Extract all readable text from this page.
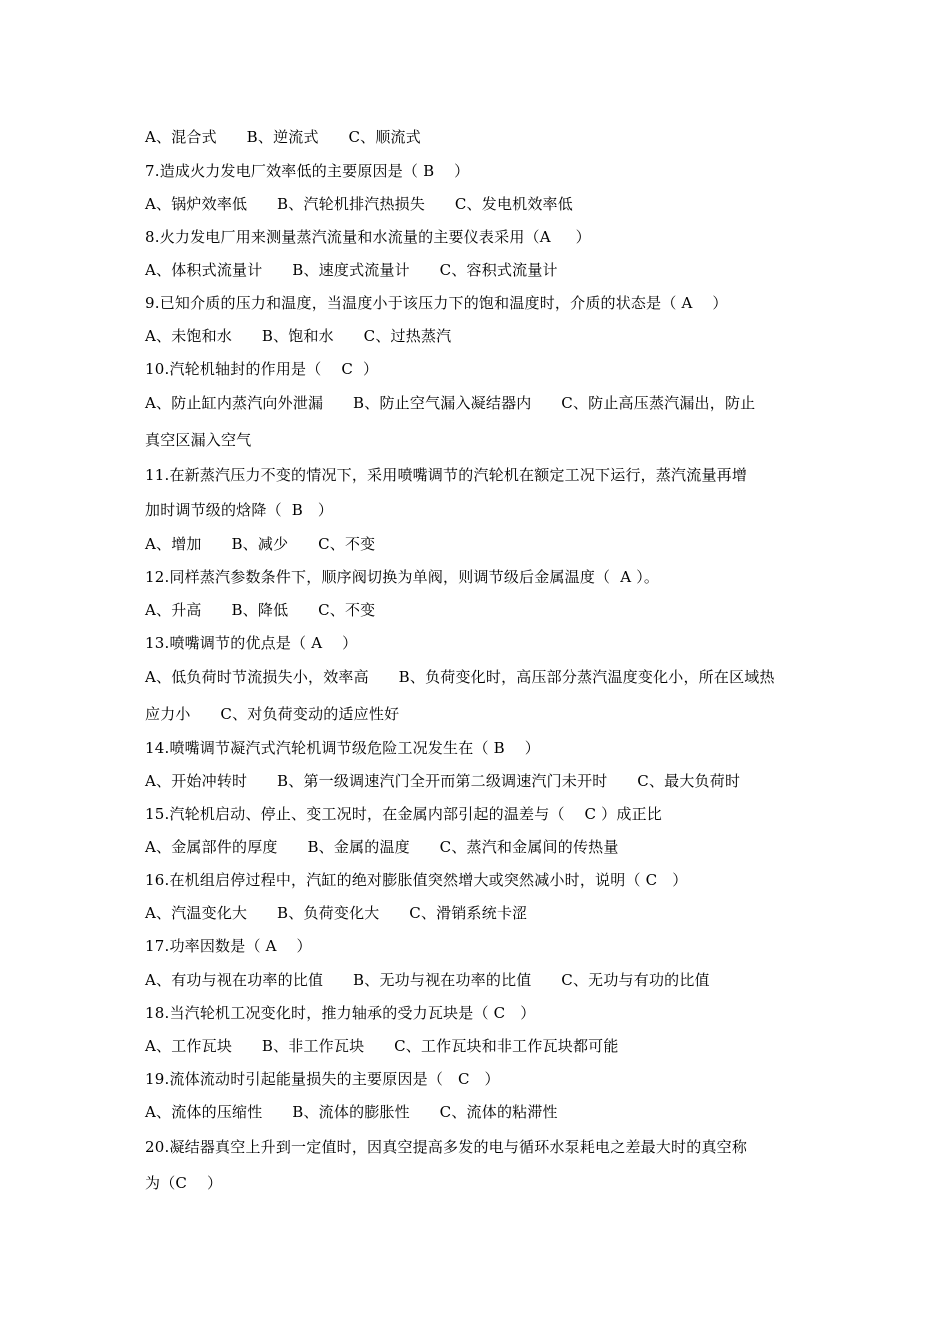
A、混合式      B、逆流式      C、顺流式

7.造成火力发电厂效率低的主要原因是（ B    ）

A、锅炉效率低      B、汽轮机排汽热损失      C、发电机效率低

8.火力发电厂用来测量蒸汽流量和水流量的主要仪表采用（A     ）

A、体积式流量计      B、速度式流量计      C、容积式流量计

9.已知介质的压力和温度，当温度小于该压力下的饱和温度时，介质的状态是（ A    ）

A、未饱和水      B、饱和水      C、过热蒸汽

10.汽轮机轴封的作用是（    C  ）

A、防止缸内蒸汽向外泄漏      B、防止空气漏入凝结器内      C、防止高压蒸汽漏出，防止

真空区漏入空气

11.在新蒸汽压力不变的情况下，采用喷嘴调节的汽轮机在额定工况下运行，蒸汽流量再增

加时调节级的焓降（  B   ）

A、增加      B、减少      C、不变

12.同样蒸汽参数条件下，顺序阀切换为单阀，则调节级后金属温度（  A ）。

A、升高      B、降低      C、不变

13.喷嘴调节的优点是（ A    ）

A、低负荷时节流损失小，效率高      B、负荷变化时，高压部分蒸汽温度变化小，所在区域热

应力小      C、对负荷变动的适应性好

14.喷嘴调节凝汽式汽轮机调节级危险工况发生在（ B    ）

A、开始冲转时      B、第一级调速汽门全开而第二级调速汽门未开时      C、最大负荷时

15.汽轮机启动、停止、变工况时，在金属内部引起的温差与（    C ）成正比

A、金属部件的厚度      B、金属的温度      C、蒸汽和金属间的传热量

16.在机组启停过程中，汽缸的绝对膨胀值突然增大或突然减小时，说明（ C   ）

A、汽温变化大      B、负荷变化大      C、滑销系统卡涩

17.功率因数是（ A    ）

A、有功与视在功率的比值      B、无功与视在功率的比值      C、无功与有功的比值

18.当汽轮机工况变化时，推力轴承的受力瓦块是（ C   ）

A、工作瓦块      B、非工作瓦块      C、工作瓦块和非工作瓦块都可能

19.流体流动时引起能量损失的主要原因是（   C   ）

A、流体的压缩性      B、流体的膨胀性      C、流体的粘滞性

20.凝结器真空上升到一定值时，因真空提高多发的电与循环水泵耗电之差最大时的真空称

为（C    ）
